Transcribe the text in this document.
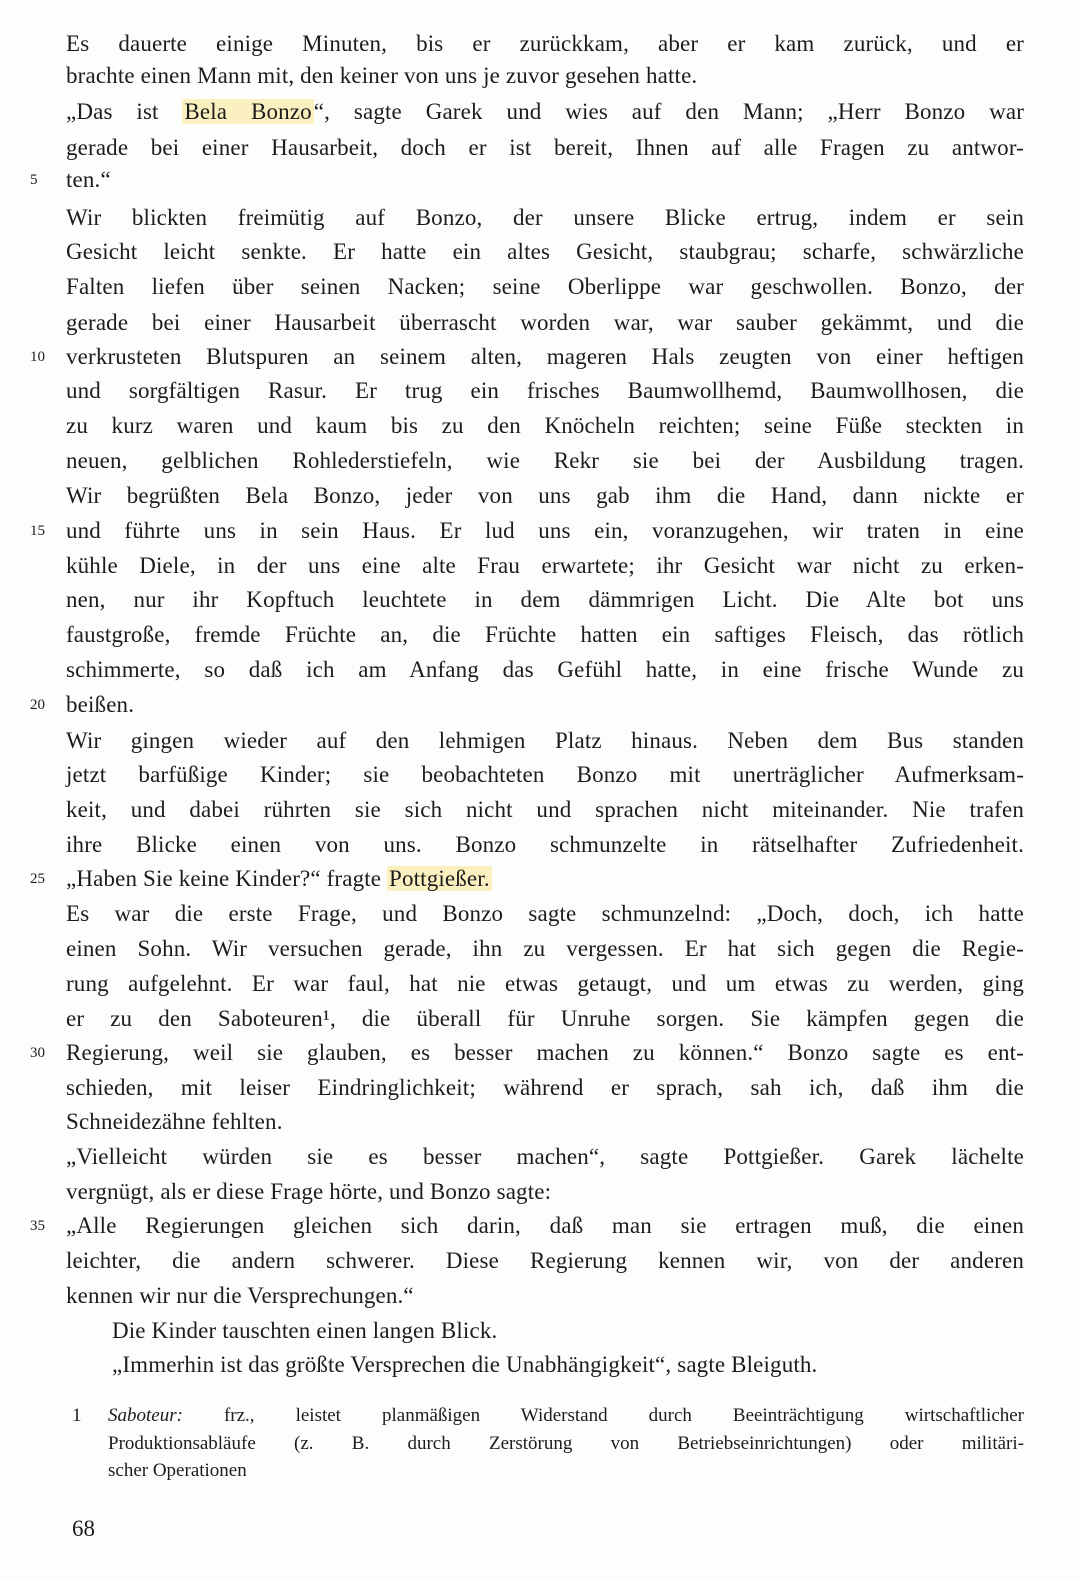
Es dauerte einige Minuten, bis er zurückkam, aber er kam zurück, und er
brachte einen Mann mit, den keiner von uns je zuvor gesehen hatte.
„Das ist Bela Bonzo“, sagte Garek und wies auf den Mann; „Herr Bonzo war
gerade bei einer Hausarbeit, doch er ist bereit, Ihnen auf alle Fragen zu antwor-
ten.“
Wir blickten freimütig auf Bonzo, der unsere Blicke ertrug, indem er sein
Gesicht leicht senkte. Er hatte ein altes Gesicht, staubgrau; scharfe, schwärzliche
Falten liefen über seinen Nacken; seine Oberlippe war geschwollen. Bonzo, der
gerade bei einer Hausarbeit überrascht worden war, war sauber gekämmt, und die
verkrusteten Blutspuren an seinem alten, mageren Hals zeugten von einer heftigen
und sorgfältigen Rasur. Er trug ein frisches Baumwollhemd, Baumwollhosen, die
zu kurz waren und kaum bis zu den Knöcheln reichten; seine Füße steckten in
neuen, gelblichen Rohlederstiefeln, wie Rekr sie bei der Ausbildung tragen.
Wir begrüßten Bela Bonzo, jeder von uns gab ihm die Hand, dann nickte er
und führte uns in sein Haus. Er lud uns ein, voranzugehen, wir traten in eine
kühle Diele, in der uns eine alte Frau erwartete; ihr Gesicht war nicht zu erken-
nen, nur ihr Kopftuch leuchtete in dem dämmrigen Licht. Die Alte bot uns
faustgroße, fremde Früchte an, die Früchte hatten ein saftiges Fleisch, das rötlich
schimmerte, so daß ich am Anfang das Gefühl hatte, in eine frische Wunde zu
beißen.
Wir gingen wieder auf den lehmigen Platz hinaus. Neben dem Bus standen
jetzt barfüßige Kinder; sie beobachteten Bonzo mit unerträglicher Aufmerksam-
keit, und dabei rührten sie sich nicht und sprachen nicht miteinander. Nie trafen
ihre Blicke einen von uns. Bonzo schmunzelte in rätselhafter Zufriedenheit.
„Haben Sie keine Kinder?“ fragte Pottgießer.
Es war die erste Frage, und Bonzo sagte schmunzelnd: „Doch, doch, ich hatte
einen Sohn. Wir versuchen gerade, ihn zu vergessen. Er hat sich gegen die Regie-
rung aufgelehnt. Er war faul, hat nie etwas getaugt, und um etwas zu werden, ging
er zu den Saboteuren¹, die überall für Unruhe sorgen. Sie kämpfen gegen die
Regierung, weil sie glauben, es besser machen zu können.“ Bonzo sagte es ent-
schieden, mit leiser Eindringlichkeit; während er sprach, sah ich, daß ihm die
Schneidezähne fehlten.
„Vielleicht würden sie es besser machen“, sagte Pottgießer. Garek lächelte
vergnügt, als er diese Frage hörte, und Bonzo sagte:
„Alle Regierungen gleichen sich darin, daß man sie ertragen muß, die einen
leichter, die andern schwerer. Diese Regierung kennen wir, von der anderen
kennen wir nur die Versprechungen.“
Die Kinder tauschten einen langen Blick.
„Immerhin ist das größte Versprechen die Unabhängigkeit“, sagte Bleiguth.
5
10
15
20
25
30
35
1 Saboteur: frz., leistet planmäßigen Widerstand durch Beeinträchtigung wirtschaftlicher
Produktionsabläufe (z. B. durch Zerstörung von Betriebseinrichtungen) oder militäri-
scher Operationen
68
